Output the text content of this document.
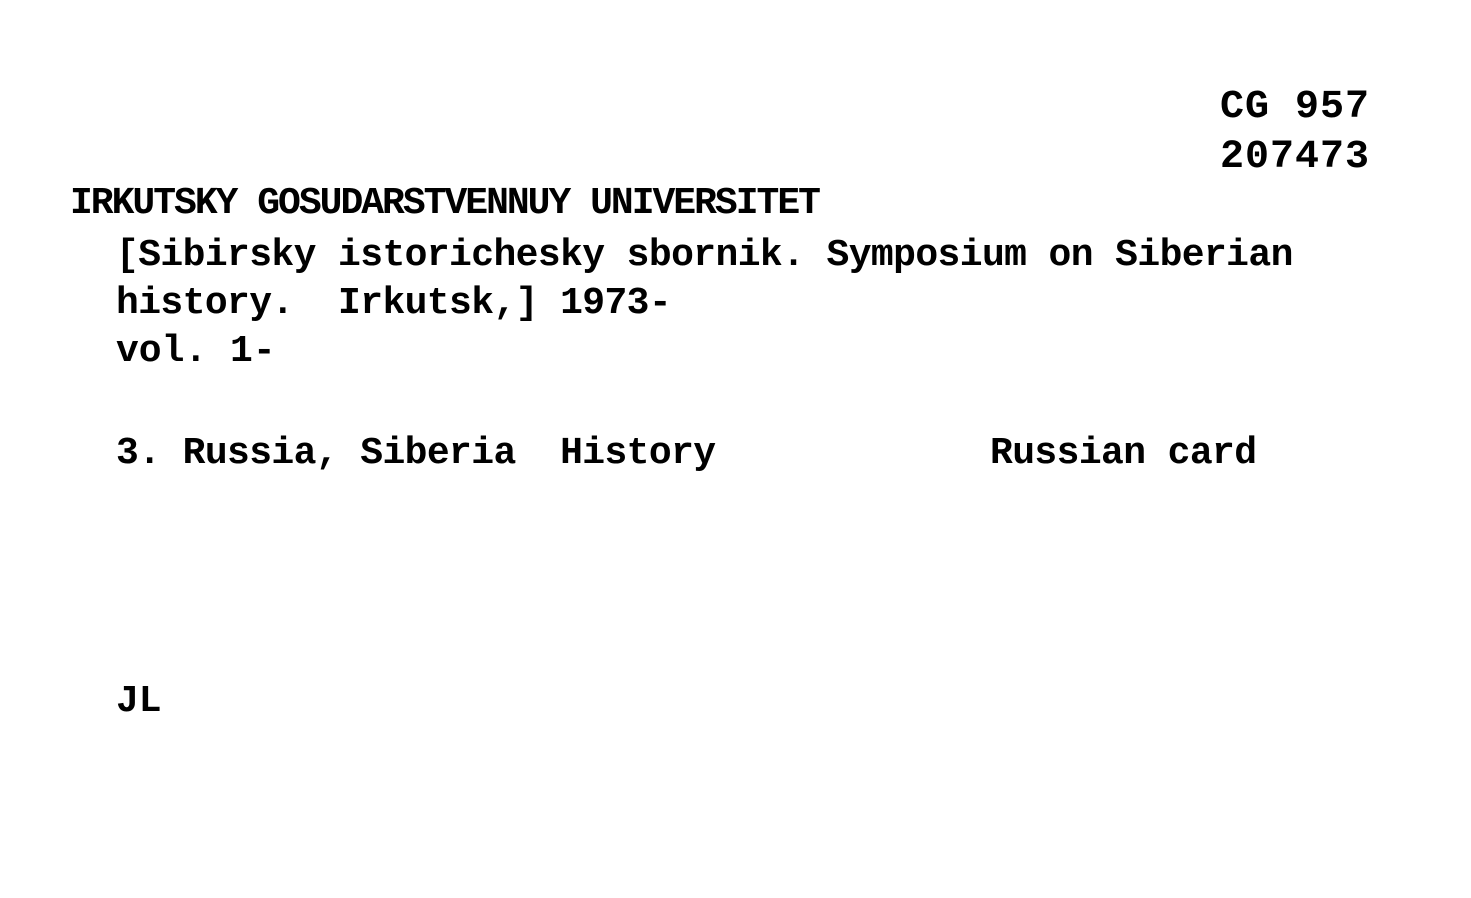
CG 957
207473
IRKUTSKY GOSUDARSTVENNUY UNIVERSITET
[Sibirsky istorichesky sbornik. Symposium on Siberian
history.  Irkutsk,] 1973-
vol. 1-
3. Russia, Siberia  History	Russian card
JL
